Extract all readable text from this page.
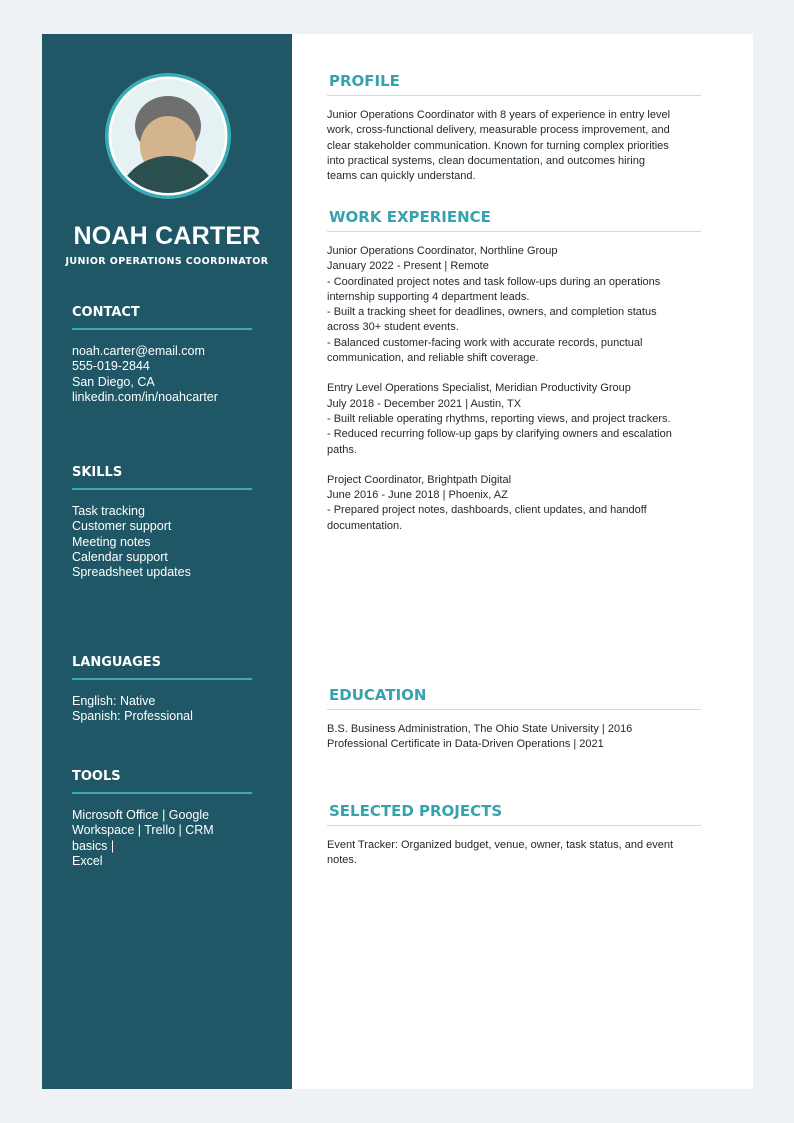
NOAH CARTER
JUNIOR OPERATIONS COORDINATOR

CONTACT

noah.carter@email.com

555-019-2844

San Diego, CA

linkedin.com/in/noahcarter

SKILLS

Task tracking

Customer support

Meeting notes

Calendar support

Spreadsheet updates

LANGUAGES

English: Native

Spanish: Professional

TOOLS

Microsoft Office | Google

Workspace | Trello | CRM basics |

Excel

PROFILE

Junior Operations Coordinator with 8 years of experience in entry level

work, cross-functional delivery, measurable process improvement, and

clear stakeholder communication. Known for turning complex priorities

into practical systems, clean documentation, and outcomes hiring

teams can quickly understand.

WORK EXPERIENCE

Junior Operations Coordinator, Northline Group

January 2022 - Present | Remote

- Coordinated project notes and task follow-ups during an operations

internship supporting 4 department leads.

- Built a tracking sheet for deadlines, owners, and completion status

across 30+ student events.

- Balanced customer-facing work with accurate records, punctual

communication, and reliable shift coverage.

Entry Level Operations Specialist, Meridian Productivity Group

July 2018 - December 2021 | Austin, TX

- Built reliable operating rhythms, reporting views, and project trackers.

- Reduced recurring follow-up gaps by clarifying owners and escalation

paths.

Project Coordinator, Brightpath Digital

June 2016 - June 2018 | Phoenix, AZ

- Prepared project notes, dashboards, client updates, and handoff

documentation.

EDUCATION

B.S. Business Administration, The Ohio State University | 2016

Professional Certificate in Data-Driven Operations | 2021

SELECTED PROJECTS

Event Tracker: Organized budget, venue, owner, task status, and event

notes.
